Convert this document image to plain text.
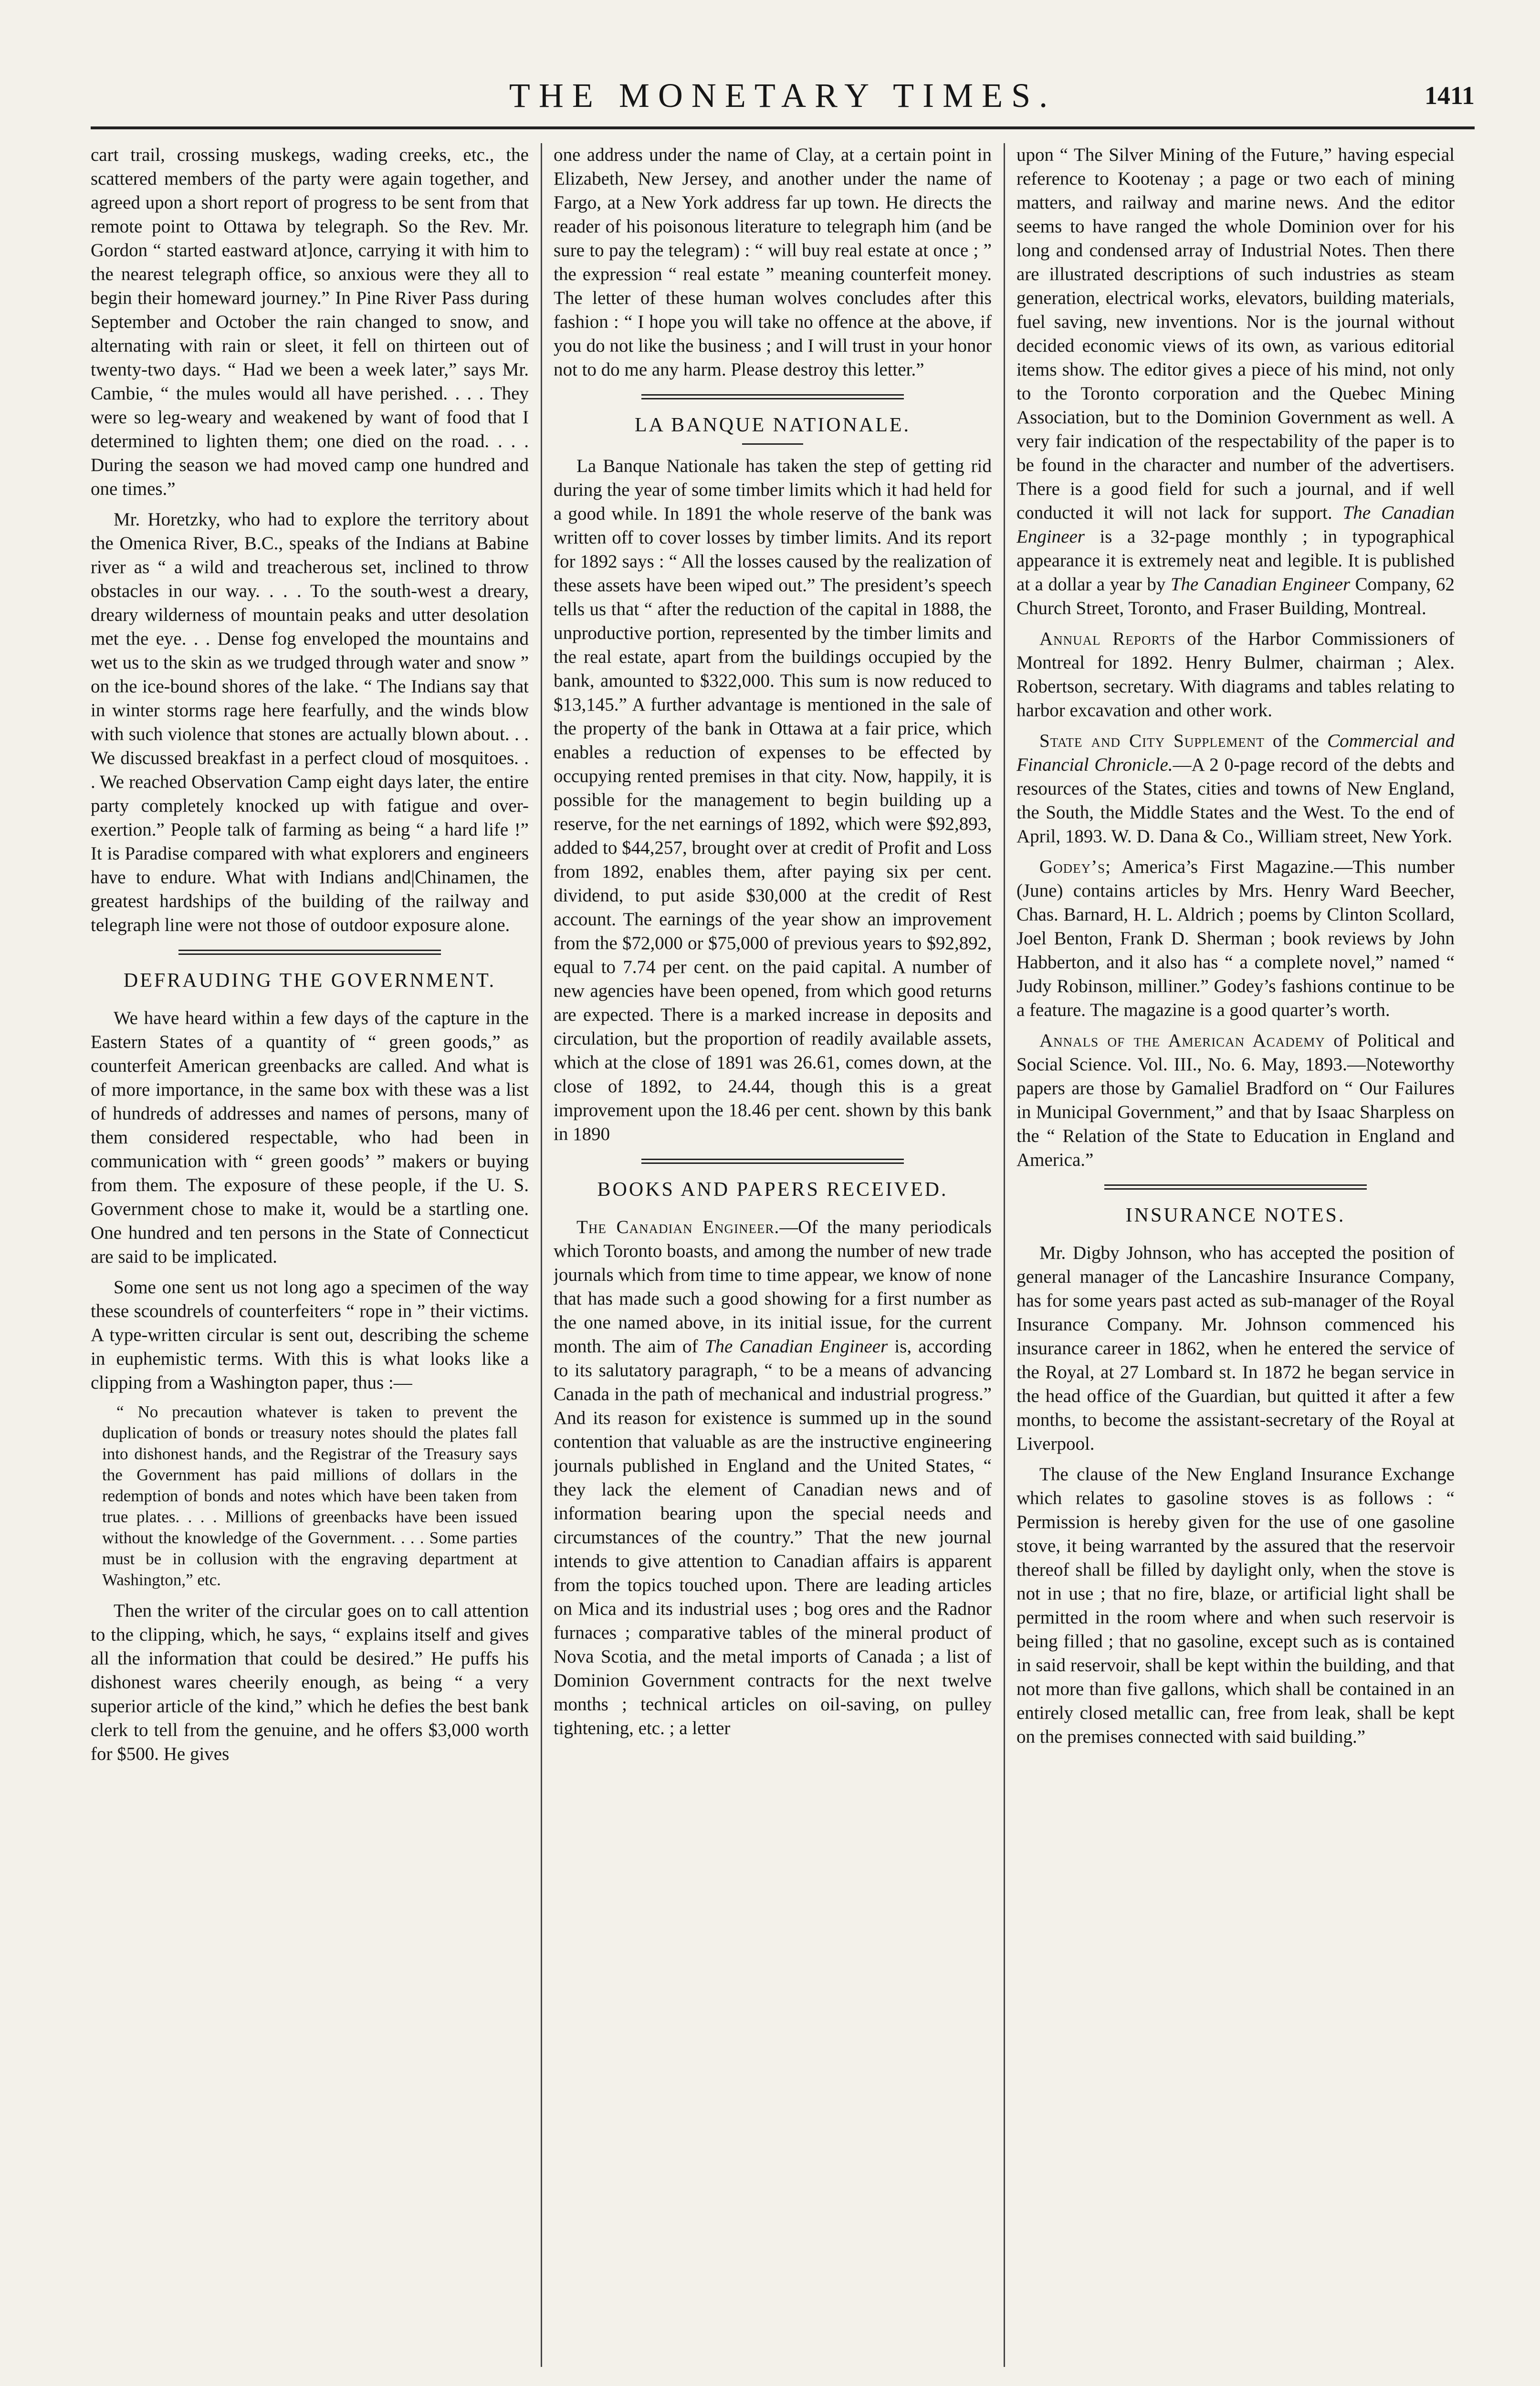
THE MONETARY TIMES.	1411

cart trail, crossing muskegs, wading creeks, etc., the scattered members of the party were again together, and agreed upon a short report of progress to be sent from that remote point to Ottawa by telegraph. So the Rev. Mr. Gordon “ started eastward at]once, carrying it with him to the nearest telegraph office, so anxious were they all to begin their homeward journey.” In Pine River Pass during September and October the rain changed to snow, and alternating with rain or sleet, it fell on thirteen out of twenty-two days. “ Had we been a week later,” says Mr. Cambie, “ the mules would all have perished. . . . They were so leg-weary and weakened by want of food that I determined to lighten them; one died on the road. . . . During the season we had moved camp one hundred and one times.”

Mr. Horetzky, who had to explore the territory about the Omenica River, B.C., speaks of the Indians at Babine river as “ a wild and treacherous set, inclined to throw obstacles in our way. . . . To the south-west a dreary, dreary wilderness of mountain peaks and utter desolation met the eye. . . Dense fog enveloped the mountains and wet us to the skin as we trudged through water and snow ” on the ice-bound shores of the lake. “ The Indians say that in winter storms rage here fearfully, and the winds blow with such violence that stones are actually blown about. . . We discussed breakfast in a perfect cloud of mosquitoes. . . We reached Observation Camp eight days later, the entire party completely knocked up with fatigue and over-exertion.” People talk of farming as being “ a hard life !” It is Paradise compared with what explorers and engineers have to endure. What with Indians and|Chinamen, the greatest hardships of the building of the railway and telegraph line were not those of outdoor exposure alone.

DEFRAUDING THE GOVERNMENT.

We have heard within a few days of the capture in the Eastern States of a quantity of “ green goods,” as counterfeit American greenbacks are called. And what is of more importance, in the same box with these was a list of hundreds of addresses and names of persons, many of them considered respectable, who had been in communication with “ green goods’ ” makers or buying from them. The exposure of these people, if the U. S. Government chose to make it, would be a startling one. One hundred and ten persons in the State of Connecticut are said to be implicated.

Some one sent us not long ago a specimen of the way these scoundrels of counterfeiters “ rope in ” their victims. A type-written circular is sent out, describing the scheme in euphemistic terms. With this is what looks like a clipping from a Washington paper, thus :—

“ No precaution whatever is taken to prevent the duplication of bonds or treasury notes should the plates fall into dishonest hands, and the Registrar of the Treasury says the Government has paid millions of dollars in the redemption of bonds and notes which have been taken from true plates. . . . Millions of greenbacks have been issued without the knowledge of the Government. . . . Some parties must be in collusion with the engraving department at Washington,” etc.

Then the writer of the circular goes on to call attention to the clipping, which, he says, “ explains itself and gives all the information that could be desired.” He puffs his dishonest wares cheerily enough, as being “ a very superior article of the kind,” which he defies the best bank clerk to tell from the genuine, and he offers $3,000 worth for $500. He gives

one address under the name of Clay, at a certain point in Elizabeth, New Jersey, and another under the name of Fargo, at a New York address far up town. He directs the reader of his poisonous literature to telegraph him (and be sure to pay the telegram) : “ will buy real estate at once ; ” the expression “ real estate ” meaning counterfeit money. The letter of these human wolves concludes after this fashion : “ I hope you will take no offence at the above, if you do not like the business ; and I will trust in your honor not to do me any harm. Please destroy this letter.”

LA BANQUE NATIONALE.

La Banque Nationale has taken the step of getting rid during the year of some timber limits which it had held for a good while. In 1891 the whole reserve of the bank was written off to cover losses by timber limits. And its report for 1892 says : “ All the losses caused by the realization of these assets have been wiped out.” The president’s speech tells us that “ after the reduction of the capital in 1888, the unproductive portion, represented by the timber limits and the real estate, apart from the buildings occupied by the bank, amounted to $322,000. This sum is now reduced to $13,145.” A further advantage is mentioned in the sale of the property of the bank in Ottawa at a fair price, which enables a reduction of expenses to be effected by occupying rented premises in that city. Now, happily, it is possible for the management to begin building up a reserve, for the net earnings of 1892, which were $92,893, added to $44,257, brought over at credit of Profit and Loss from 1892, enables them, after paying six per cent. dividend, to put aside $30,000 at the credit of Rest account. The earnings of the year show an improvement from the $72,000 or $75,000 of previous years to $92,892, equal to 7.74 per cent. on the paid capital. A number of new agencies have been opened, from which good returns are expected. There is a marked increase in deposits and circulation, but the proportion of readily available assets, which at the close of 1891 was 26.61, comes down, at the close of 1892, to 24.44, though this is a great improvement upon the 18.46 per cent. shown by this bank in 1890

BOOKS AND PAPERS RECEIVED.

The Canadian Engineer.—Of the many periodicals which Toronto boasts, and among the number of new trade journals which from time to time appear, we know of none that has made such a good showing for a first number as the one named above, in its initial issue, for the current month. The aim of The Canadian Engineer is, according to its salutatory paragraph, “ to be a means of advancing Canada in the path of mechanical and industrial progress.” And its reason for existence is summed up in the sound contention that valuable as are the instructive engineering journals published in England and the United States, “ they lack the element of Canadian news and of information bearing upon the special needs and circumstances of the country.” That the new journal intends to give attention to Canadian affairs is apparent from the topics touched upon. There are leading articles on Mica and its industrial uses ; bog ores and the Radnor furnaces ; comparative tables of the mineral product of Nova Scotia, and the metal imports of Canada ; a list of Dominion Government contracts for the next twelve months ; technical articles on oil-saving, on pulley tightening, etc. ; a letter

upon “ The Silver Mining of the Future,” having especial reference to Kootenay ; a page or two each of mining matters, and railway and marine news. And the editor seems to have ranged the whole Dominion over for his long and condensed array of Industrial Notes. Then there are illustrated descriptions of such industries as steam generation, electrical works, elevators, building materials, fuel saving, new inventions. Nor is the journal without decided economic views of its own, as various editorial items show. The editor gives a piece of his mind, not only to the Toronto corporation and the Quebec Mining Association, but to the Dominion Government as well. A very fair indication of the respectability of the paper is to be found in the character and number of the advertisers. There is a good field for such a journal, and if well conducted it will not lack for support. The Canadian Engineer is a 32-page monthly ; in typographical appearance it is extremely neat and legible. It is published at a dollar a year by The Canadian Engineer Company, 62 Church Street, Toronto, and Fraser Building, Montreal.

Annual Reports of the Harbor Commissioners of Montreal for 1892. Henry Bulmer, chairman ; Alex. Robertson, secretary. With diagrams and tables relating to harbor excavation and other work.

State and City Supplement of the Commercial and Financial Chronicle.—A 2 0-page record of the debts and resources of the States, cities and towns of New England, the South, the Middle States and the West. To the end of April, 1893. W. D. Dana & Co., William street, New York.

Godey’s; America’s First Magazine.—This number (June) contains articles by Mrs. Henry Ward Beecher, Chas. Barnard, H. L. Aldrich ; poems by Clinton Scollard, Joel Benton, Frank D. Sherman ; book reviews by John Habberton, and it also has “ a complete novel,” named “ Judy Robinson, milliner.” Godey’s fashions continue to be a feature. The magazine is a good quarter’s worth.

Annals of the American Academy of Political and Social Science. Vol. III., No. 6. May, 1893.—Noteworthy papers are those by Gamaliel Bradford on “ Our Failures in Municipal Government,” and that by Isaac Sharpless on the “ Relation of the State to Education in England and America.”

INSURANCE NOTES.

Mr. Digby Johnson, who has accepted the position of general manager of the Lancashire Insurance Company, has for some years past acted as sub-manager of the Royal Insurance Company. Mr. Johnson commenced his insurance career in 1862, when he entered the service of the Royal, at 27 Lombard st. In 1872 he began service in the head office of the Guardian, but quitted it after a few months, to become the assistant-secretary of the Royal at Liverpool.

The clause of the New England Insurance Exchange which relates to gasoline stoves is as follows : “ Permission is hereby given for the use of one gasoline stove, it being warranted by the assured that the reservoir thereof shall be filled by daylight only, when the stove is not in use ; that no fire, blaze, or artificial light shall be permitted in the room where and when such reservoir is being filled ; that no gasoline, except such as is contained in said reservoir, shall be kept within the building, and that not more than five gallons, which shall be contained in an entirely closed metallic can, free from leak, shall be kept on the premises connected with said building.”
